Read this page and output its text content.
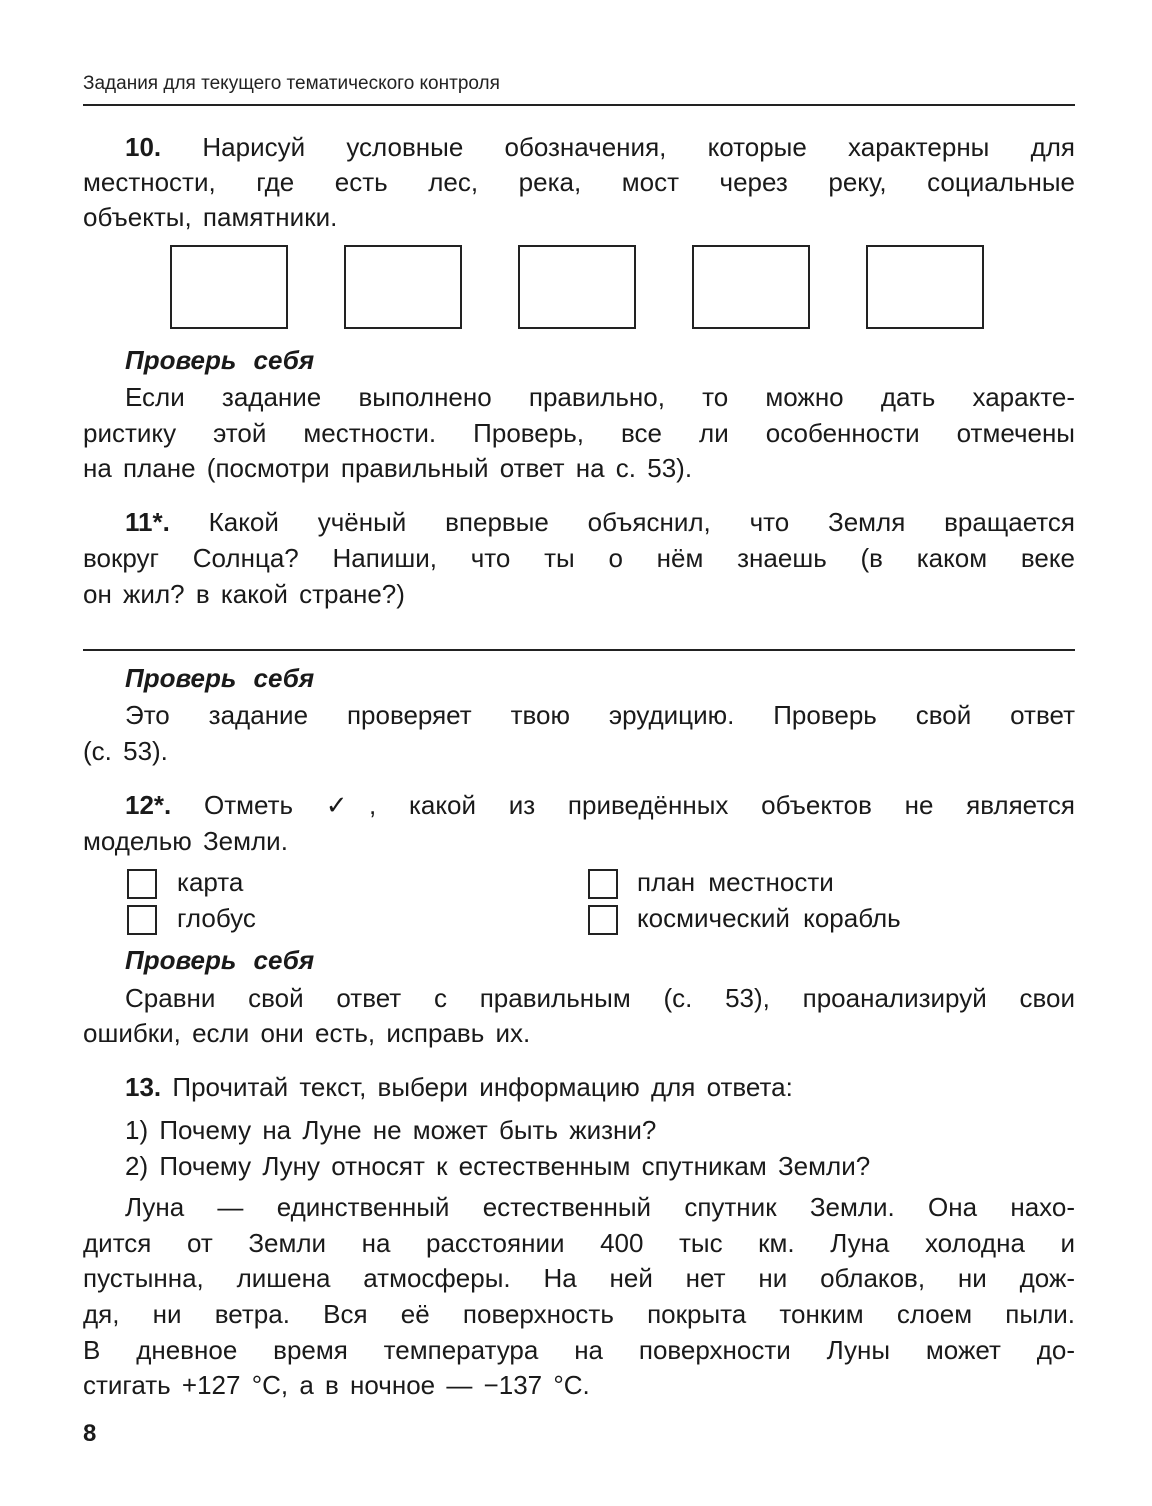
Задания для текущего тематического контроля
10. Нарисуй условные обозначения, которые характерны для
местности, где есть лес, река, мост через реку, социальные
объекты, памятники.
Проверь себя
Если задание выполнено правильно, то можно дать характе-
ристику этой местности. Проверь, все ли особенности отмечены
на плане (посмотри правильный ответ на с. 53).
11*. Какой учёный впервые объяснил, что Земля вращается
вокруг Солнца? Напиши, что ты о нём знаешь (в каком веке
он жил? в какой стране?)
Проверь себя
Это задание проверяет твою эрудицию. Проверь свой ответ
(с. 53).
12*. Отметь ✓, какой из приведённых объектов не является
моделью Земли.
карта
глобус
план местности
космический корабль
Проверь себя
Сравни свой ответ с правильным (с. 53), проанализируй свои
ошибки, если они есть, исправь их.
13. Прочитай текст, выбери информацию для ответа:
1) Почему на Луне не может быть жизни?
2) Почему Луну относят к естественным спутникам Земли?
Луна — единственный естественный спутник Земли. Она нахо-
дится от Земли на расстоянии 400 тыс км. Луна холодна и
пустынна, лишена атмосферы. На ней нет ни облаков, ни дож-
дя, ни ветра. Вся её поверхность покрыта тонким слоем пыли.
В дневное время температура на поверхности Луны может до-
стигать +127 °С, а в ночное — −137 °С.
8
